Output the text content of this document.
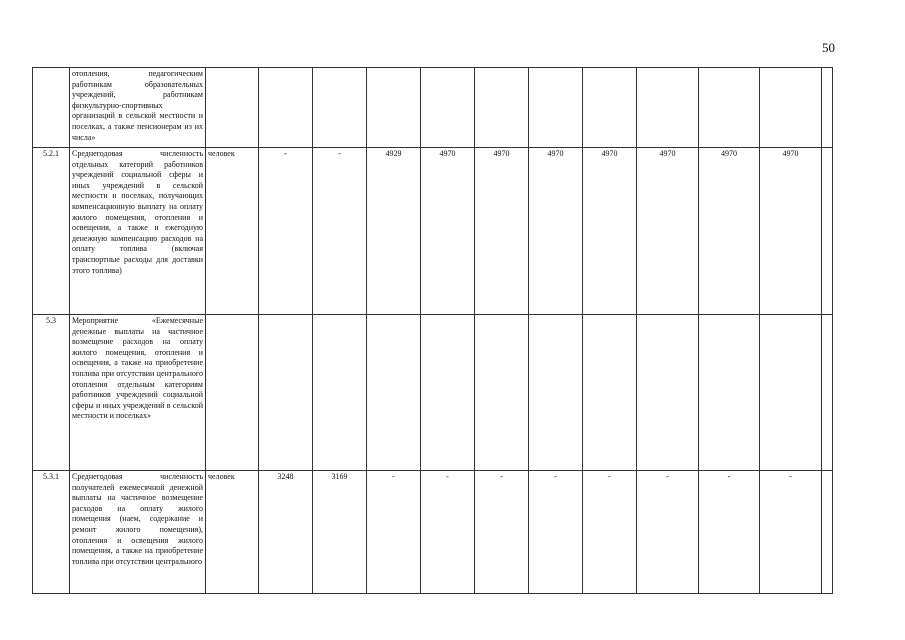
50
	отопления, педагогическим работникам образовательных учреждений, работникам физкультурно-спортивных организаций в сельской местности и поселках, а также пенсионерам из их числа»												
5.2.1	Среднегодовая численность отдельных категорий работников учреждений социальной сферы и иных учреждений в сельской местности и поселках, получающих компенсационную выплату на оплату жилого помещения, отопления и освещения, а также и ежегодную денежную компенсацию расходов на оплату топлива (включая транспортные расходы для доставки этого топлива)	человек	-	-	4929	4970	4970	4970	4970	4970	4970	4970	
5.3	Мероприятие «Ежемесячные денежные выплаты на частичное возмещение расходов на оплату жилого помещения, отопления и освещения, а также на приобретение топлива при отсутствии центрального отопления отдельным категориям работников учреждений социальной сферы и иных учреждений в сельской местности и поселках»												
5.3.1	Среднегодовая численность получателей ежемесячной денежной выплаты на частичное возмещение расходов на оплату жилого помещения (наем, содержание и ремонт жилого помещения), отопления и освещения жилого помещения, а также на приобретение топлива при отсутствии центрального	человек	3248	3169	-	-	-	-	-	-	-	-	
